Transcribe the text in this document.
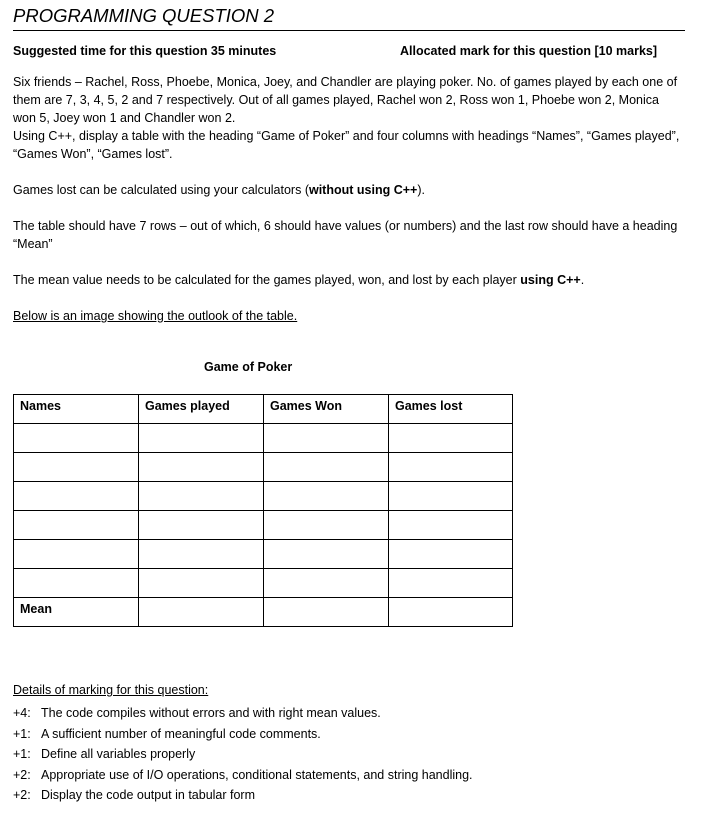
PROGRAMMING QUESTION 2
Suggested time for this question 35 minutes	Allocated mark for this question [10 marks]
Six friends – Rachel, Ross, Phoebe, Monica, Joey, and Chandler are playing poker. No. of games played by each one of them are 7, 3, 4, 5, 2 and 7 respectively. Out of all games played, Rachel won 2, Ross won 1, Phoebe won 2, Monica won 5, Joey won 1 and Chandler won 2.
Using C++, display a table with the heading “Game of Poker” and four columns with headings “Names”, “Games played”, “Games Won”, “Games lost”.
Games lost can be calculated using your calculators (without using C++).
The table should have 7 rows – out of which, 6 should have values (or numbers) and the last row should have a heading “Mean”
The mean value needs to be calculated for the games played, won, and lost by each player using C++.
Below is an image showing the outlook of the table.
Game of Poker
Names	Games played	Games Won	Games lost

Mean			
Details of marking for this question:
+4: The code compiles without errors and with right mean values.
+1: A sufficient number of meaningful code comments.
+1: Define all variables properly
+2: Appropriate use of I/O operations, conditional statements, and string handling.
+2: Display the code output in tabular form
